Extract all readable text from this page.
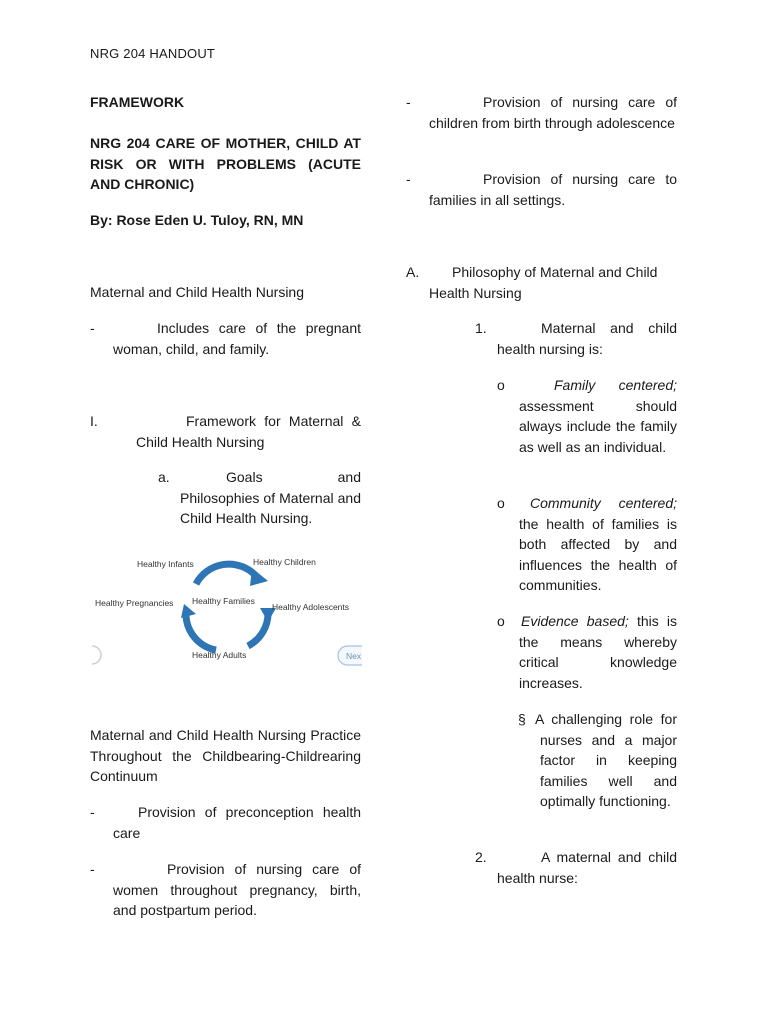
NRG 204 HANDOUT
FRAMEWORK
NRG 204 CARE OF MOTHER, CHILD AT RISK OR WITH PROBLEMS (ACUTE AND CHRONIC)
By: Rose Eden U. Tuloy, RN, MN
Maternal and Child Health Nursing
-	Includes care of the pregnant woman, child, and family.
I.	Framework for Maternal & Child Health Nursing
a.	Goals and Philosophies of Maternal and Child Health Nursing.
Healthy Infants	Healthy Children
Healthy Pregnancies Healthy Families
Healthy Adolescents
Healthy Adults	Nex
Maternal and Child Health Nursing Practice Throughout the Childbearing-Childrearing Continuum
-	Provision of preconception health care
-	Provision of nursing care of women throughout pregnancy, birth, and postpartum period.
-	Provision of nursing care of children from birth through adolescence
-	Provision of nursing care to families in all settings.
A.	Philosophy of Maternal and Child Health Nursing
1.	Maternal and child health nursing is:
o	Family centered; assessment should always include the family as well as an individual.
o	Community centered; the health of families is both affected by and influences the health of communities.
o Evidence based; this is the means whereby critical knowledge increases.
§ A challenging role for nurses and a major factor in keeping families well and optimally functioning.
2.	A maternal and child health nurse:
